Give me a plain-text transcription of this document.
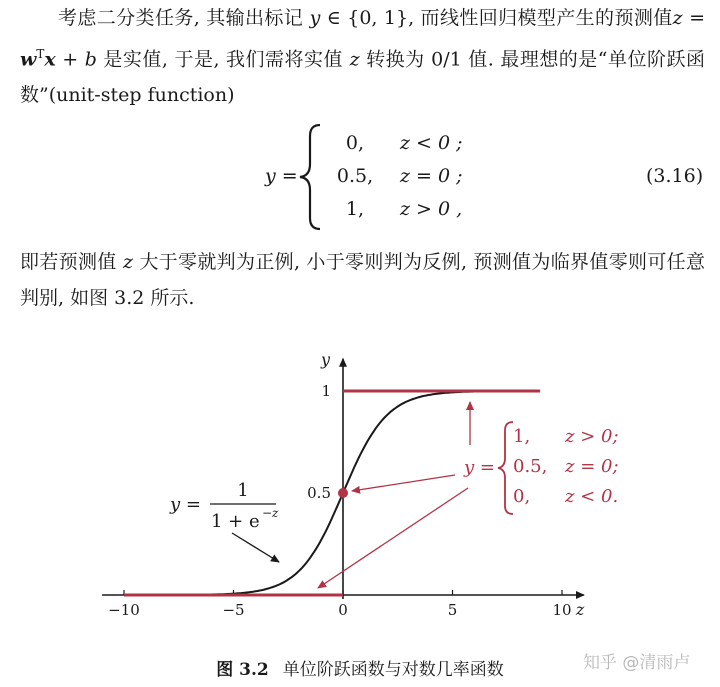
考虑二分类任务, 其输出标记 y ∈ {0, 1}, 而线性回归模型产生的预测值$z = w^Tx + b$ 是实值, 于是, 我们需将实值 z 转换为 0/1 值. 最理想的是“单位阶跃函数”(unit-step function)
y =
0, z < 0 ;
0.5, z = 0 ;
1, z > 0 ,
(3.16)
即若预测值 z 大于零就判为正例, 小于零则判为反例, 预测值为临界值零则可任意判别, 如图 3.2 所示.
z
y
−10	−5	0	5	10
1
0.5
y =
1
1 + e −z
y =
1, z > 0;
0.5, z = 0;
0, z < 0.
图 3.2 单位阶跃函数与对数几率函数	知乎 @清雨卢
